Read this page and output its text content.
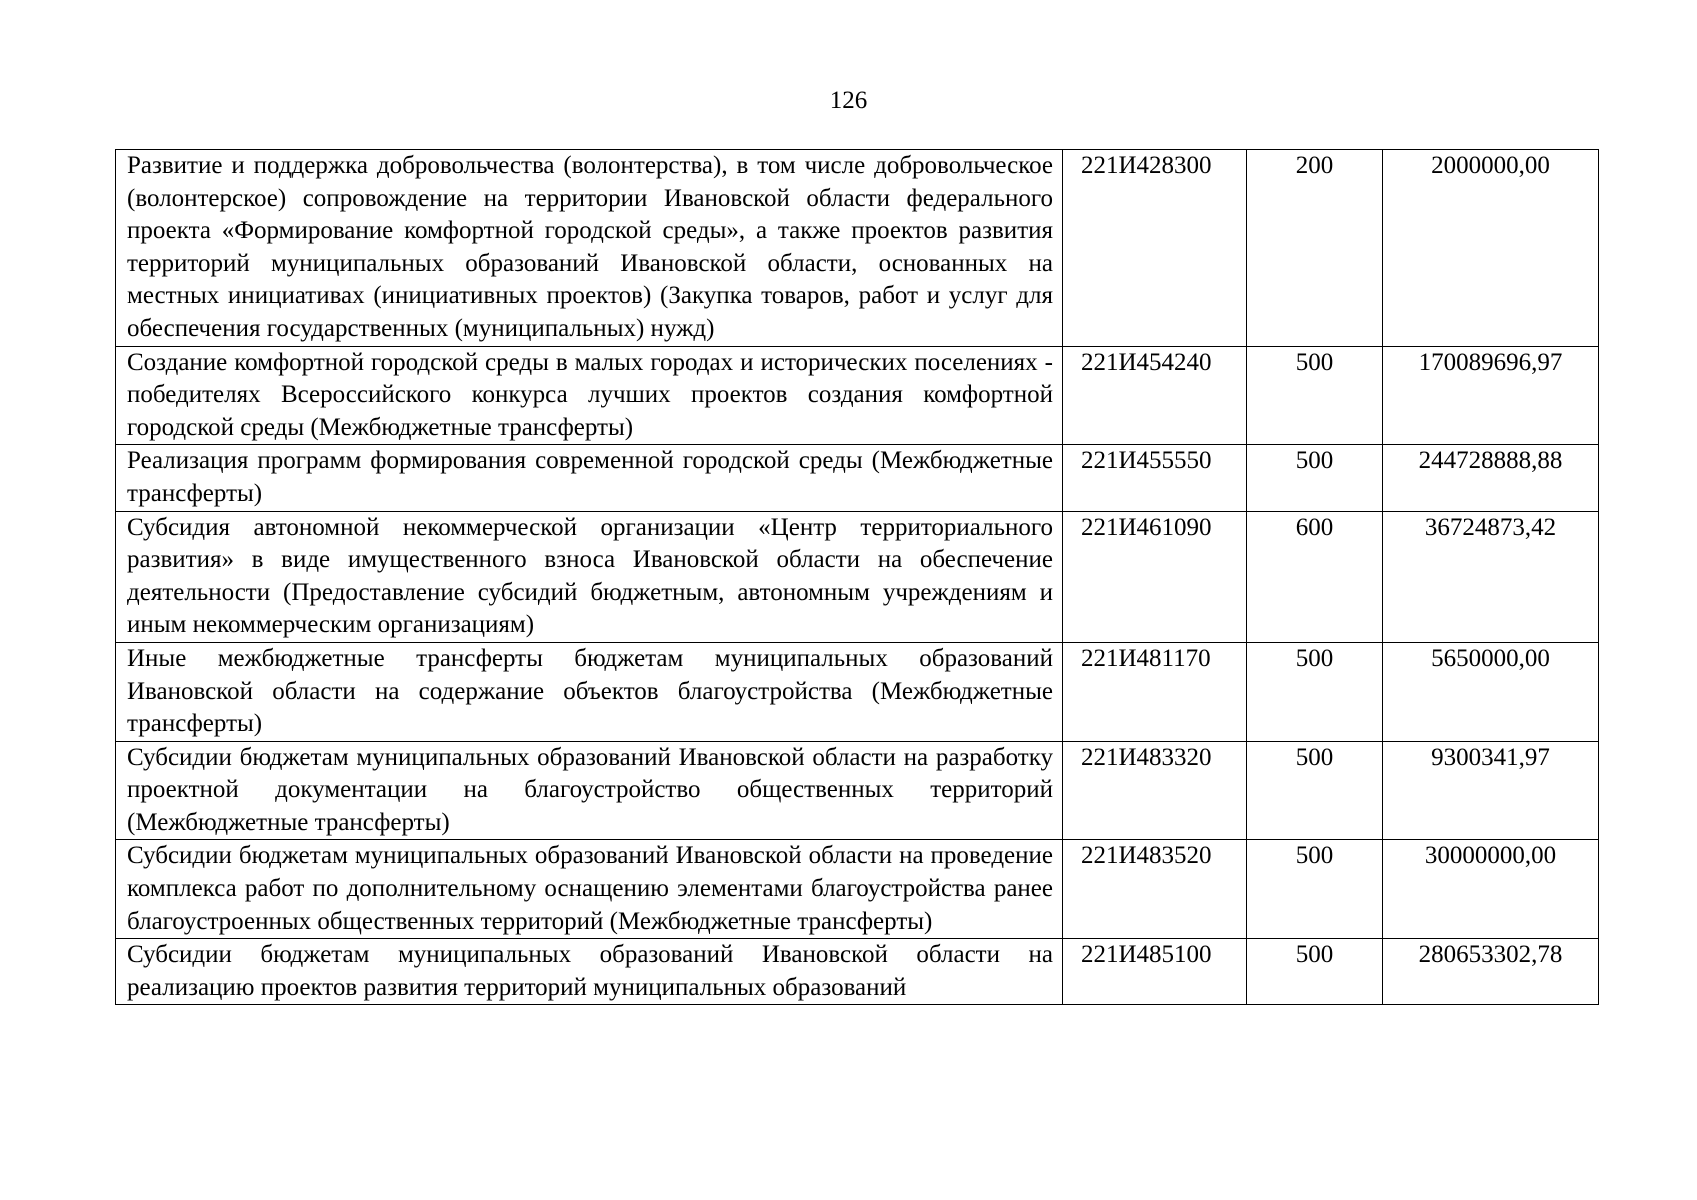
126
Развитие и поддержка добровольчества (волонтерства), в том числе добровольческое (волонтерское) сопровождение на территории Ивановской области федерального проекта «Формирование комфортной городской среды», а также проектов развития территорий муниципальных образований Ивановской области, основанных на местных инициативах (инициативных проектов) (Закупка товаров, работ и услуг для обеспечения государственных (муниципальных) нужд)	221И428300	200	2000000,00
Создание комфортной городской среды в малых городах и исторических поселениях - победителях Всероссийского конкурса лучших проектов создания комфортной городской среды (Межбюджетные трансферты)	221И454240	500	170089696,97
Реализация программ формирования современной городской среды (Межбюджетные трансферты)	221И455550	500	244728888,88
Субсидия автономной некоммерческой организации «Центр территориального развития» в виде имущественного взноса Ивановской области на обеспечение деятельности (Предоставление субсидий бюджетным, автономным учреждениям и иным некоммерческим организациям)	221И461090	600	36724873,42
Иные межбюджетные трансферты бюджетам муниципальных образований Ивановской области на содержание объектов благоустройства (Межбюджетные трансферты)	221И481170	500	5650000,00
Субсидии бюджетам муниципальных образований Ивановской области на разработку проектной документации на благоустройство общественных территорий (Межбюджетные трансферты)	221И483320	500	9300341,97
Субсидии бюджетам муниципальных образований Ивановской области на проведение комплекса работ по дополнительному оснащению элементами благоустройства ранее благоустроенных общественных территорий (Межбюджетные трансферты)	221И483520	500	30000000,00
Субсидии бюджетам муниципальных образований Ивановской области на реализацию проектов развития территорий муниципальных образований	221И485100	500	280653302,78
